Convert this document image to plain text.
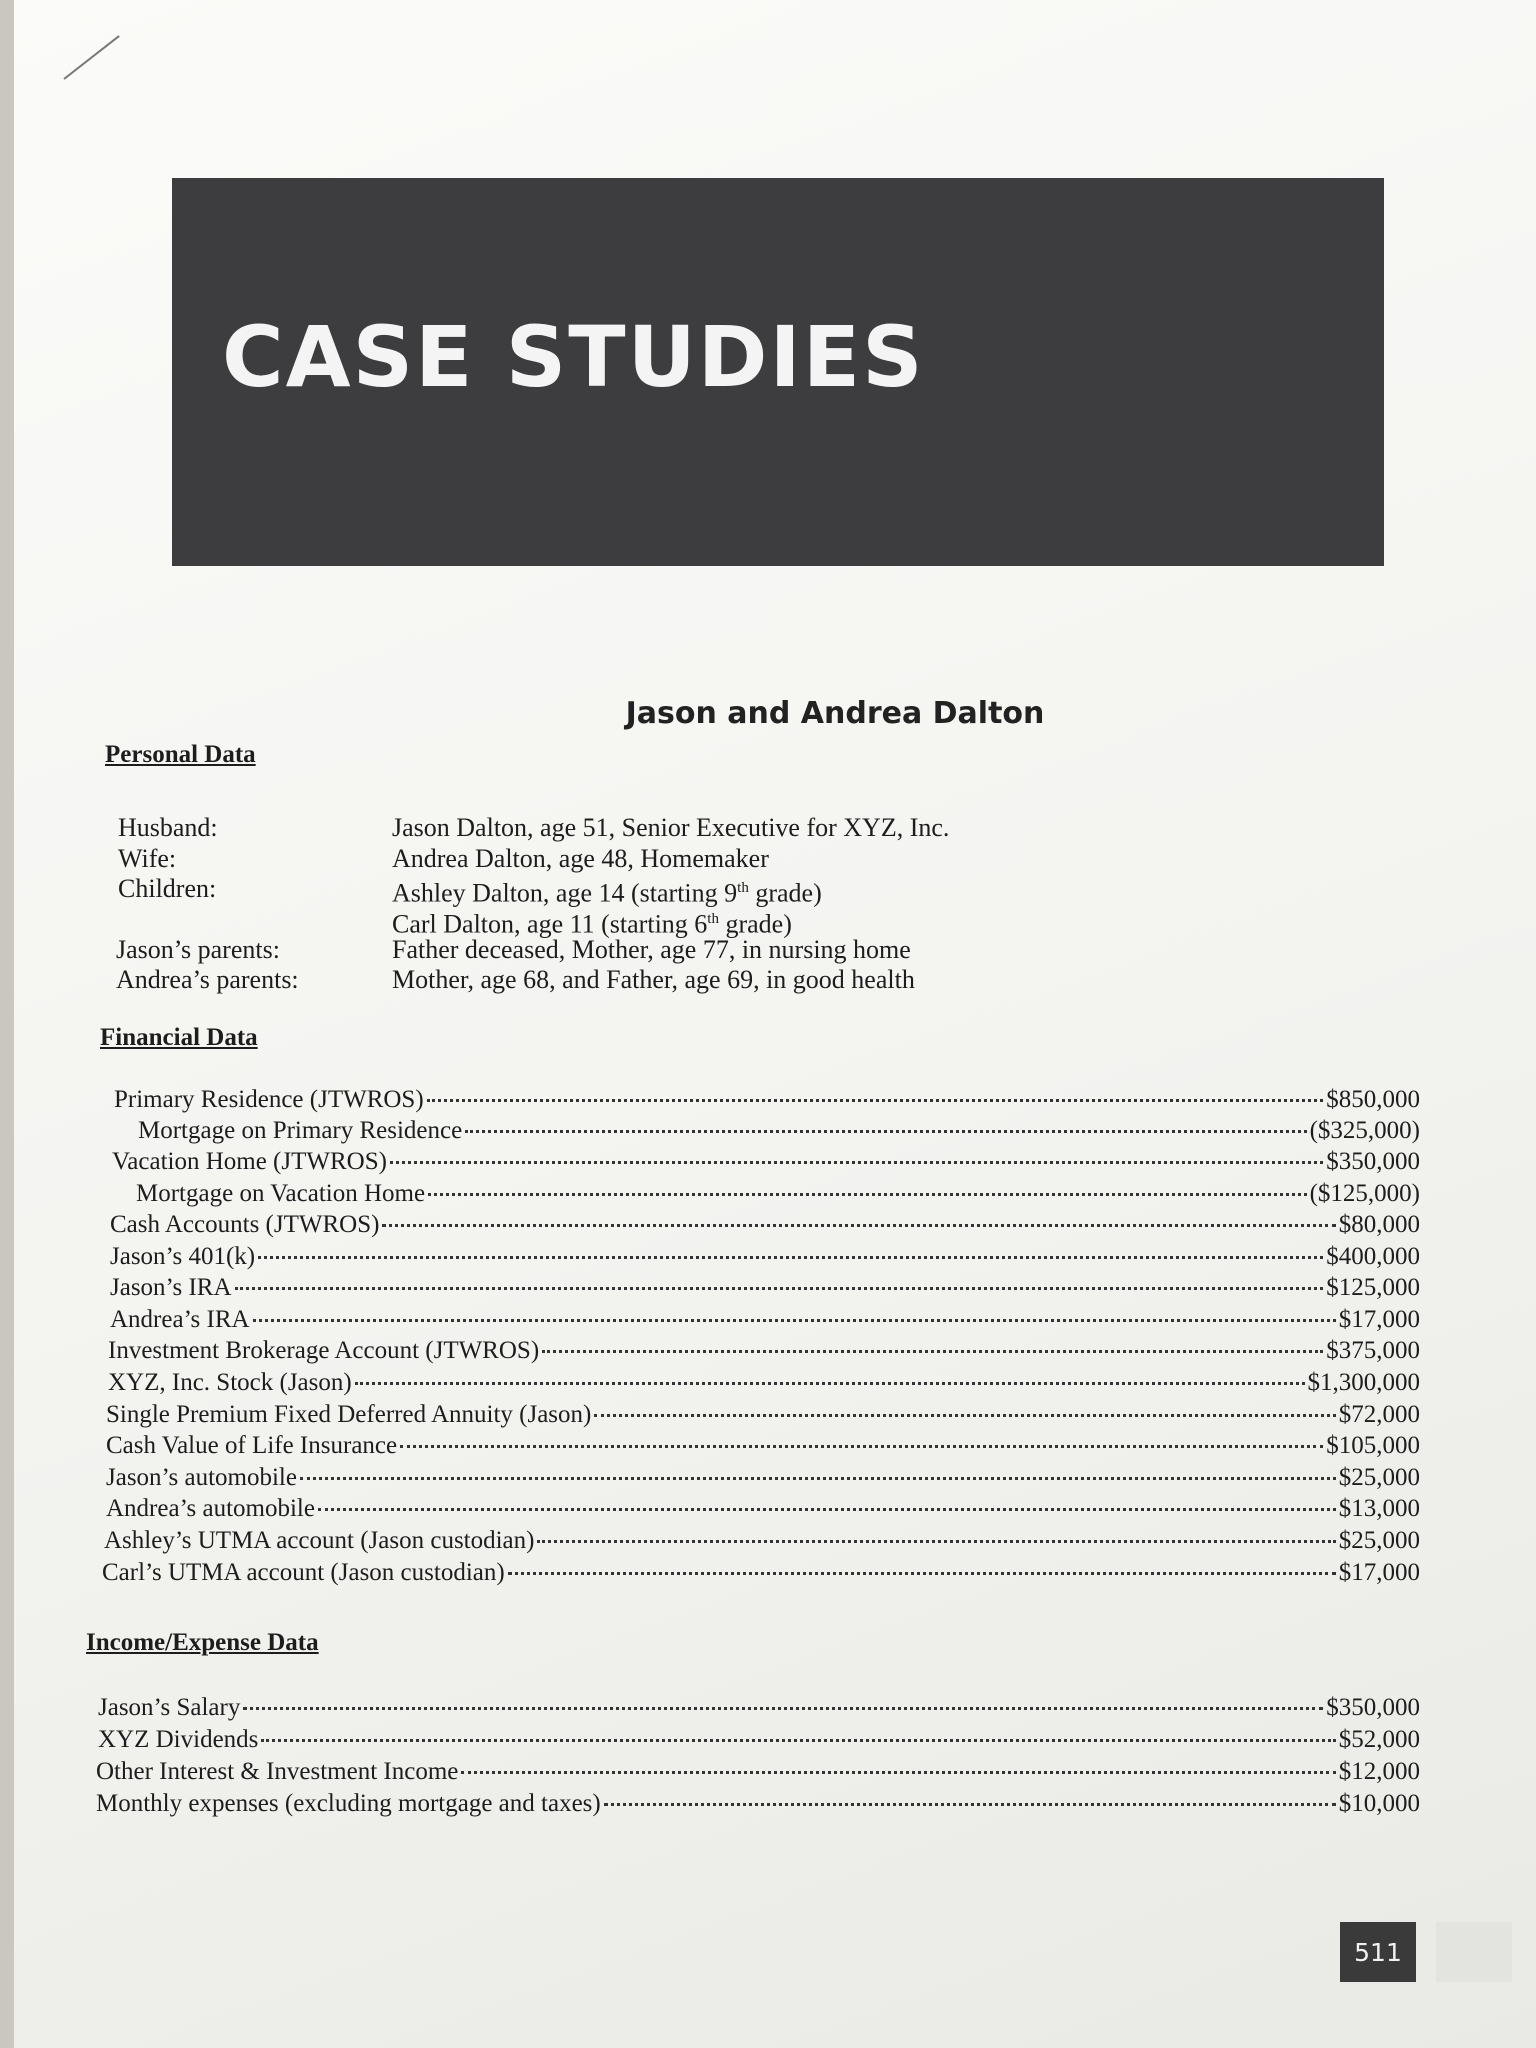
CASE STUDIES
Jason and Andrea Dalton
Personal Data
Husband:	Jason Dalton, age 51, Senior Executive for XYZ, Inc.
Wife:	Andrea Dalton, age 48, Homemaker
Children:	Ashley Dalton, age 14 (starting 9th grade)
Carl Dalton, age 11 (starting 6th grade)
Jason’s parents:	Father deceased, Mother, age 77, in nursing home
Andrea’s parents:	Mother, age 68, and Father, age 69, in good health
Financial Data
Primary Residence (JTWROS)	$850,000
Mortgage on Primary Residence	($325,000)
Vacation Home (JTWROS)	$350,000
Mortgage on Vacation Home	($125,000)
Cash Accounts (JTWROS)	$80,000
Jason’s 401(k)	$400,000
Jason’s IRA	$125,000
Andrea’s IRA	$17,000
Investment Brokerage Account (JTWROS)	$375,000
XYZ, Inc. Stock (Jason)	$1,300,000
Single Premium Fixed Deferred Annuity (Jason)	$72,000
Cash Value of Life Insurance	$105,000
Jason’s automobile	$25,000
Andrea’s automobile	$13,000
Ashley’s UTMA account (Jason custodian)	$25,000
Carl’s UTMA account (Jason custodian)	$17,000
Income/Expense Data
Jason’s Salary	$350,000
XYZ Dividends	$52,000
Other Interest & Investment Income	$12,000
Monthly expenses (excluding mortgage and taxes)	$10,000
511
